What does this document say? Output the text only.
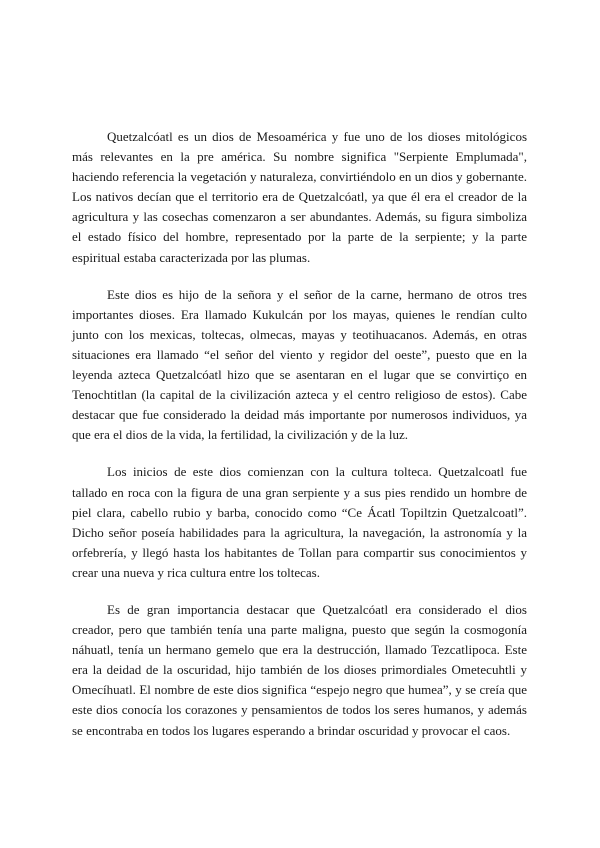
Quetzalcóatl es un dios de Mesoamérica y fue uno de los dioses mitológicos más relevantes en la pre américa. Su nombre significa "Serpiente Emplumada", haciendo referencia la vegetación y naturaleza, convirtiéndolo en un dios y gobernante. Los nativos decían que el territorio era de Quetzalcóatl, ya que él era el creador de la agricultura y las cosechas comenzaron a ser abundantes. Además, su figura simboliza el estado físico del hombre, representado por la parte de la serpiente; y la parte espiritual estaba caracterizada por las plumas.

Este dios es hijo de la señora y el señor de la carne, hermano de otros tres importantes dioses. Era llamado Kukulcán por los mayas, quienes le rendían culto junto con los mexicas, toltecas, olmecas, mayas y teotihuacanos. Además, en otras situaciones era llamado “el señor del viento y regidor del oeste”, puesto que en la leyenda azteca Quetzalcóatl hizo que se asentaran en el lugar que se convirtiço en Tenochtitlan (la capital de la civilización azteca y el centro religioso de estos). Cabe destacar que fue considerado la deidad más importante por numerosos individuos, ya que era el dios de la vida, la fertilidad, la civilización y de la luz.

Los inicios de este dios comienzan con la cultura tolteca. Quetzalcoatl fue tallado en roca con la figura de una gran serpiente y a sus pies rendido un hombre de piel clara, cabello rubio y barba, conocido como “Ce Ácatl Topiltzin Quetzalcoatl”. Dicho señor poseía habilidades para la agricultura, la navegación, la astronomía y la orfebrería, y llegó hasta los habitantes de Tollan para compartir sus conocimientos y crear una nueva y rica cultura entre los toltecas.

Es de gran importancia destacar que Quetzalcóatl era considerado el dios creador, pero que también tenía una parte maligna, puesto que según la cosmogonía náhuatl, tenía un hermano gemelo que era la destrucción, llamado Tezcatlipoca. Este era la deidad de la oscuridad, hijo también de los dioses primordiales Ometecuhtli y Omecíhuatl. El nombre de este dios significa “espejo negro que humea”, y se creía que este dios conocía los corazones y pensamientos de todos los seres humanos, y además se encontraba en todos los lugares esperando a brindar oscuridad y provocar el caos.
